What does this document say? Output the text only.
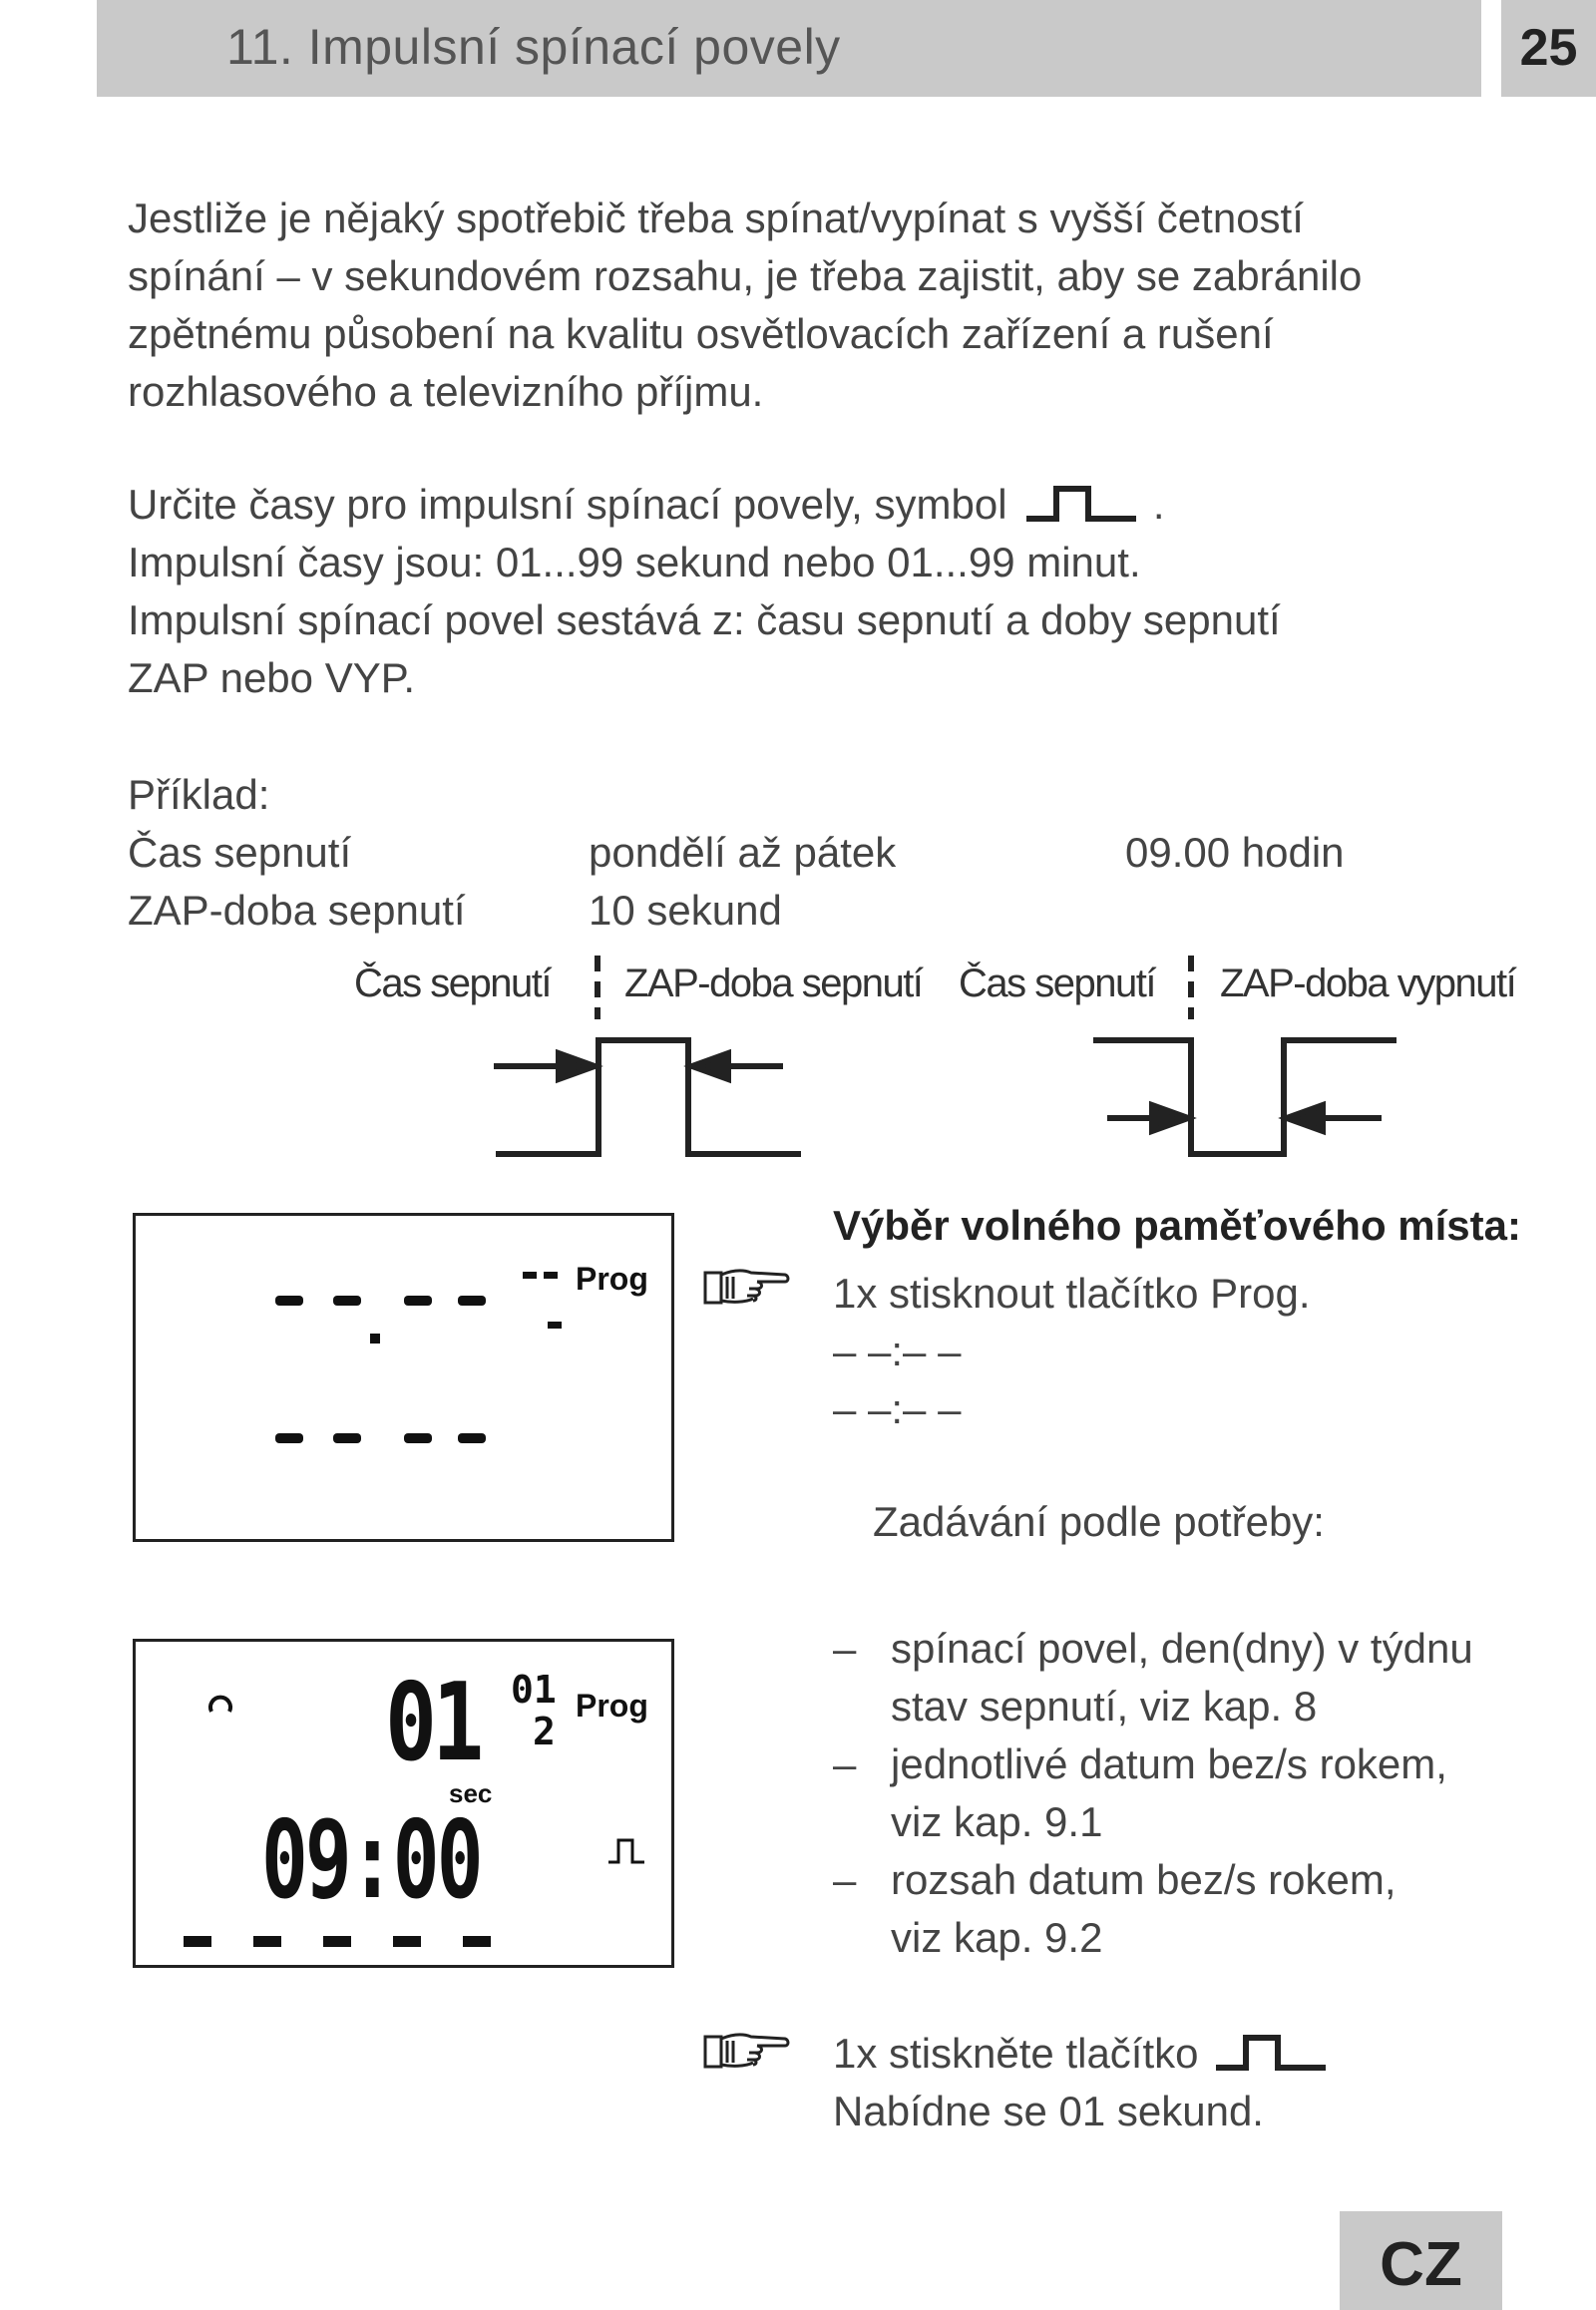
11. Impulsní spínací povely	25
Jestliže je nějaký spotřebič třeba spínat/vypínat s vyšší četností
spínání – v sekundovém rozsahu, je třeba zajistit, aby se zabránilo
zpětnému působení na kvalitu osvětlovacích zařízení a rušení
rozhlasového a televizního příjmu.
Určite časy pro impulsní spínací povely, symbol	.
Impulsní časy jsou: 01...99 sekund nebo 01...99 minut.
Impulsní spínací povel sestává z: času sepnutí a doby sepnutí
ZAP nebo VYP.
Příklad:
Čas sepnutí	pondělí až pátek	09.00 hodin
ZAP-doba sepnutí	10 sekund
Čas sepnutí ZAP-doba sepnutí Čas sepnutí ZAP-doba vypnutí
Prog
Výběr volného paměťového místa:
1x stisknout tlačítko Prog.
– –:– –
– –:– –
Zadávání podle potřeby:
01 01
2
Prog
sec
09:00
– spínací povel, den(dny) v týdnu
stav sepnutí, viz kap. 8
– jednotlivé datum bez/s rokem,
viz kap. 9.1
– rozsah datum bez/s rokem,
viz kap. 9.2
1x stiskněte tlačítko
Nabídne se 01 sekund.
CZ
